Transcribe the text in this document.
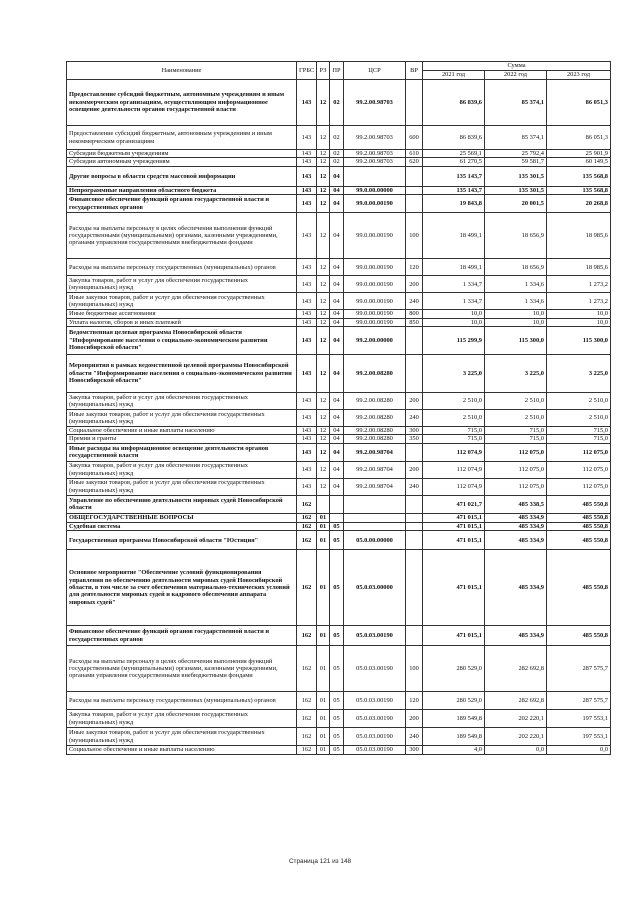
Наименование	ГРБС	РЗ	ПР	ЦСР	ВР	Сумма		
						2021 год	2022 год	2023 год
Предоставление субсидий бюджетным, автономным учреждениям и иным некоммерческим организациям, осуществляющим информационное освещение деятельности органов государственной власти	143	12	02	99.2.00.98703		86 839,6	85 374,1	86 051,3
Предоставление субсидий бюджетным, автономным учреждениям и иным некоммерческим организациям	143	12	02	99.2.00.98703	600	86 839,6	85 374,1	86 051,3
Субсидии бюджетным учреждениям	143	12	02	99.2.00.98703	610	25 569,1	25 792,4	25 901,9
Субсидии автономным учреждениям	143	12	02	99.2.00.98703	620	61 270,5	59 581,7	60 149,5
Другие вопросы в области средств массовой информации	143	12	04			135 143,7	135 301,5	135 568,8
Непрограммные направления областного бюджета	143	12	04	99.0.00.00000		135 143,7	135 301,5	135 568,8
Финансовое обеспечение функций органов государственной власти и государственных органов	143	12	04	99.0.00.00190		19 843,8	20 001,5	20 268,8
Расходы на выплаты персоналу в целях обеспечения выполнения функций государственными (муниципальными) органами, казенными учреждениями, органами управления государственными внебюджетными фондами	143	12	04	99.0.00.00190	100	18 499,1	18 656,9	18 985,6
Расходы на выплаты персоналу государственных (муниципальных) органов	143	12	04	99.0.00.00190	120	18 499,1	18 656,9	18 985,6
Закупка товаров, работ и услуг для обеспечения государственных (муниципальных) нужд	143	12	04	99.0.00.00190	200	1 334,7	1 334,6	1 273,2
Иные закупки товаров, работ и услуг для обеспечения государственных (муниципальных) нужд	143	12	04	99.0.00.00190	240	1 334,7	1 334,6	1 273,2
Иные бюджетные ассигнования	143	12	04	99.0.00.00190	800	10,0	10,0	10,0
Уплата налогов, сборов и иных платежей	143	12	04	99.0.00.00190	850	10,0	10,0	10,0
Ведомственная целевая программа Новосибирской области "Информирование населения о социально-экономическом развитии Новосибирской области"	143	12	04	99.2.00.00000		115 299,9	115 300,0	115 300,0
Мероприятия в рамках ведомственной целевой программы Новосибирской области "Информирование населения о социально-экономическом развитии Новосибирской области"	143	12	04	99.2.00.08280		3 225,0	3 225,0	3 225,0
Закупка товаров, работ и услуг для обеспечения государственных (муниципальных) нужд	143	12	04	99.2.00.08280	200	2 510,0	2 510,0	2 510,0
Иные закупки товаров, работ и услуг для обеспечения государственных (муниципальных) нужд	143	12	04	99.2.00.08280	240	2 510,0	2 510,0	2 510,0
Социальное обеспечение и иные выплаты населению	143	12	04	99.2.00.08280	300	715,0	715,0	715,0
Премии и гранты	143	12	04	99.2.00.08280	350	715,0	715,0	715,0
Иные расходы на информационное освещение деятельности органов государственной власти	143	12	04	99.2.00.98704		112 074,9	112 075,0	112 075,0
Закупка товаров, работ и услуг для обеспечения государственных (муниципальных) нужд	143	12	04	99.2.00.98704	200	112 074,9	112 075,0	112 075,0
Иные закупки товаров, работ и услуг для обеспечения государственных (муниципальных) нужд	143	12	04	99.2.00.98704	240	112 074,9	112 075,0	112 075,0
Управление по обеспечению деятельности мировых судей Новосибирской области	162					471 021,7	485 338,5	485 550,8
ОБЩЕГОСУДАРСТВЕННЫЕ ВОПРОСЫ	162	01				471 015,1	485 334,9	485 550,8
Судебная система	162	01	05			471 015,1	485 334,9	485 550,8
Государственная программа Новосибирской области "Юстиция"	162	01	05	05.0.00.00000		471 015,1	485 334,9	485 550,8
Основное мероприятие "Обеспечение условий функционирования управления по обеспечению деятельности мировых судей Новосибирской области, в том числе за счет обеспечения материально-технических условий для деятельности мировых судей и кадрового обеспечения аппарата мировых судей"	162	01	05	05.0.03.00000		471 015,1	485 334,9	485 550,8
Финансовое обеспечение функций органов государственной власти и государственных органов	162	01	05	05.0.03.00190		471 015,1	485 334,9	485 550,8
Расходы на выплаты персоналу в целях обеспечения выполнения функций государственными (муниципальными) органами, казенными учреждениями, органами управления государственными внебюджетными фондами	162	01	05	05.0.03.00190	100	280 529,0	282 692,8	287 575,7
Расходы на выплаты персоналу государственных (муниципальных) органов	162	01	05	05.0.03.00190	120	280 529,0	282 692,8	287 575,7
Закупка товаров, работ и услуг для обеспечения государственных (муниципальных) нужд	162	01	05	05.0.03.00190	200	189 549,8	202 220,1	197 553,1
Иные закупки товаров, работ и услуг для обеспечения государственных (муниципальных) нужд	162	01	05	05.0.03.00190	240	189 549,8	202 220,1	197 553,1
Социальное обеспечение и иные выплаты населению	162	01	05	05.0.03.00190	300	4,0	0,0	0,0
Страница 121 из 148
